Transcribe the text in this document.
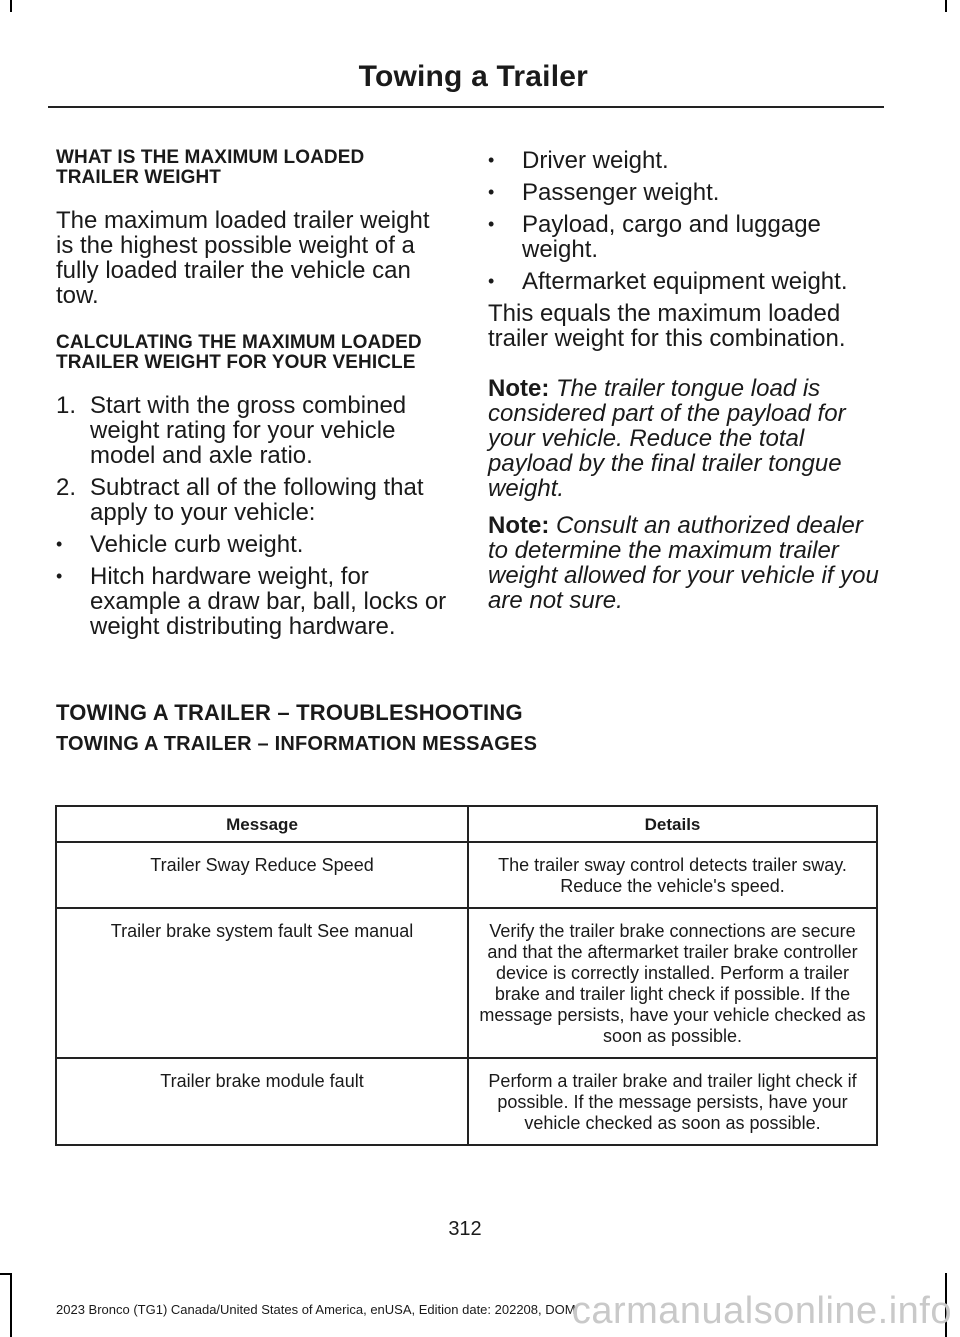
Towing a Trailer
WHAT IS THE MAXIMUM LOADED TRAILER WEIGHT

The maximum loaded trailer weight is the highest possible weight of a fully loaded trailer the vehicle can tow.

CALCULATING THE MAXIMUM LOADED TRAILER WEIGHT FOR YOUR VEHICLE
1. Start with the gross combined weight rating for your vehicle model and axle ratio.
2. Subtract all of the following that apply to your vehicle:
•	Vehicle curb weight.
•	Hitch hardware weight, for example a draw bar, ball, locks or weight distributing hardware.
•	Driver weight.
•	Passenger weight.
•	Payload, cargo and luggage weight.
•	Aftermarket equipment weight.

This equals the maximum loaded trailer weight for this combination.

Note: The trailer tongue load is considered part of the payload for your vehicle. Reduce the total payload by the final trailer tongue weight.

Note: Consult an authorized dealer to determine the maximum trailer weight allowed for your vehicle if you are not sure.

TOWING A TRAILER – TROUBLESHOOTING
TOWING A TRAILER – INFORMATION MESSAGES
Message	Details
Trailer Sway Reduce Speed	The trailer sway control detects trailer sway. Reduce the vehicle's speed.
Trailer brake system fault See manual	Verify the trailer brake connections are secure and that the aftermarket trailer brake controller device is correctly installed. Perform a trailer brake and trailer light check if possible. If the message persists, have your vehicle checked as soon as possible.
Trailer brake module fault	Perform a trailer brake and trailer light check if possible. If the message persists, have your vehicle checked as soon as possible.
312
2023 Bronco (TG1) Canada/United States of America, enUSA, Edition date: 202208, DOM
carmanualsonline.info
